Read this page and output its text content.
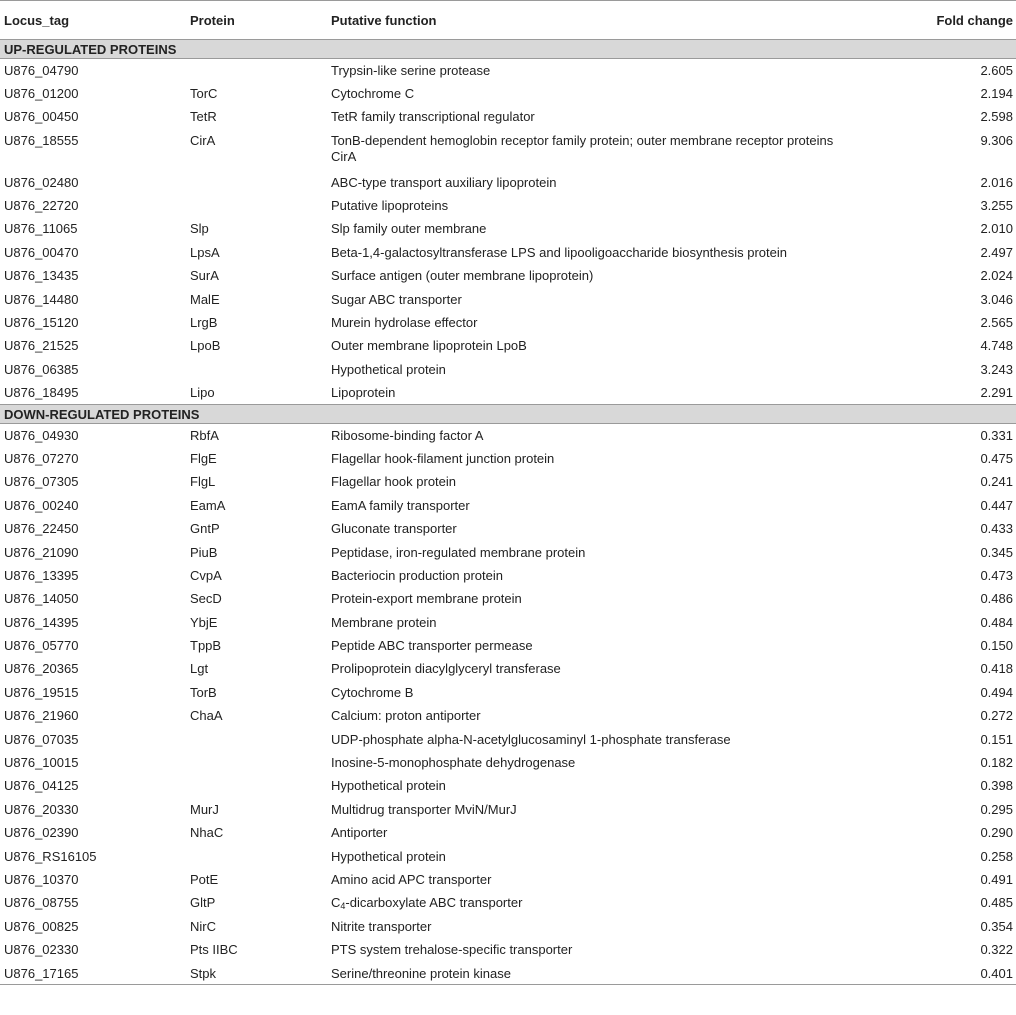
Locus_tag	Protein	Putative function	Fold change
UP-REGULATED PROTEINS			
U876_04790		Trypsin-like serine protease	2.605
U876_01200	TorC	Cytochrome C	2.194
U876_00450	TetR	TetR family transcriptional regulator	2.598
U876_18555	CirA	TonB-dependent hemoglobin receptor family protein; outer membrane receptor proteins CirA	9.306
U876_02480		ABC-type transport auxiliary lipoprotein	2.016
U876_22720		Putative lipoproteins	3.255
U876_11065	Slp	Slp family outer membrane	2.010
U876_00470	LpsA	Beta-1,4-galactosyltransferase LPS and lipooligoaccharide biosynthesis protein	2.497
U876_13435	SurA	Surface antigen (outer membrane lipoprotein)	2.024
U876_14480	MalE	Sugar ABC transporter	3.046
U876_15120	LrgB	Murein hydrolase effector	2.565
U876_21525	LpoB	Outer membrane lipoprotein LpoB	4.748
U876_06385		Hypothetical protein	3.243
U876_18495	Lipo	Lipoprotein	2.291
DOWN-REGULATED PROTEINS			
U876_04930	RbfA	Ribosome-binding factor A	0.331
U876_07270	FlgE	Flagellar hook-filament junction protein	0.475
U876_07305	FlgL	Flagellar hook protein	0.241
U876_00240	EamA	EamA family transporter	0.447
U876_22450	GntP	Gluconate transporter	0.433
U876_21090	PiuB	Peptidase, iron-regulated membrane protein	0.345
U876_13395	CvpA	Bacteriocin production protein	0.473
U876_14050	SecD	Protein-export membrane protein	0.486
U876_14395	YbjE	Membrane protein	0.484
U876_05770	TppB	Peptide ABC transporter permease	0.150
U876_20365	Lgt	Prolipoprotein diacylglyceryl transferase	0.418
U876_19515	TorB	Cytochrome B	0.494
U876_21960	ChaA	Calcium: proton antiporter	0.272
U876_07035		UDP-phosphate alpha-N-acetylglucosaminyl 1-phosphate transferase	0.151
U876_10015		Inosine-5-monophosphate dehydrogenase	0.182
U876_04125		Hypothetical protein	0.398
U876_20330	MurJ	Multidrug transporter MviN/MurJ	0.295
U876_02390	NhaC	Antiporter	0.290
U876_RS16105		Hypothetical protein	0.258
U876_10370	PotE	Amino acid APC transporter	0.491
U876_08755	GltP	$C_4$-dicarboxylate ABC transporter	0.485
U876_00825	NirC	Nitrite transporter	0.354
U876_02330	Pts IIBC	PTS system trehalose-specific transporter	0.322
U876_17165	Stpk	Serine/threonine protein kinase	0.401
